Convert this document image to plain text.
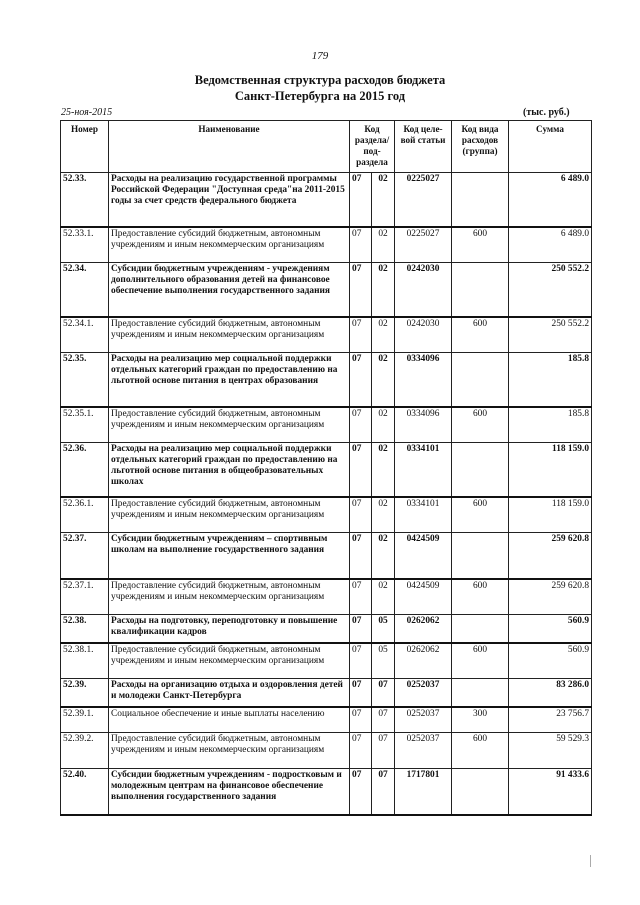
179
Ведомственная структура расходов бюджета
Санкт-Петербурга на 2015 год
25-ноя-2015	(тыс. руб.)
Номер	Наименование	Код раздела/ под- раздела		Код целе- вой статьи	Код вида расходов (группа)	Сумма
52.33.	Расходы на реализацию государственной программы Российской Федерации "Доступная среда"на 2011-2015 годы за счет средств федерального бюджета	07	02	0225027		6 489.0
52.33.1.	Предоставление субсидий бюджетным, автономным учреждениям и иным некоммерческим организациям	07	02	0225027	600	6 489.0
52.34.	Субсидии бюджетным учреждениям - учреждениям дополнительного образования детей на финансовое обеспечение выполнения государственного задания	07	02	0242030		250 552.2
52.34.1.	Предоставление субсидий бюджетным, автономным учреждениям и иным некоммерческим организациям	07	02	0242030	600	250 552.2
52.35.	Расходы на реализацию мер социальной поддержки отдельных категорий граждан по предоставлению на льготной основе питания в центрах образования	07	02	0334096		185.8
52.35.1.	Предоставление субсидий бюджетным, автономным учреждениям и иным некоммерческим организациям	07	02	0334096	600	185.8
52.36.	Расходы на реализацию мер социальной поддержки отдельных категорий граждан по предоставлению на льготной основе питания в общеобразовательных школах	07	02	0334101		118 159.0
52.36.1.	Предоставление субсидий бюджетным, автономным учреждениям и иным некоммерческим организациям	07	02	0334101	600	118 159.0
52.37.	Субсидии бюджетным учреждениям – спортивным школам на выполнение государственного задания	07	02	0424509		259 620.8
52.37.1.	Предоставление субсидий бюджетным, автономным учреждениям и иным некоммерческим организациям	07	02	0424509	600	259 620.8
52.38.	Расходы на подготовку, переподготовку и повышение квалификации кадров	07	05	0262062		560.9
52.38.1.	Предоставление субсидий бюджетным, автономным учреждениям и иным некоммерческим организациям	07	05	0262062	600	560.9
52.39.	Расходы на организацию отдыха и оздоровления детей и молодежи Санкт-Петербурга	07	07	0252037		83 286.0
52.39.1.	Социальное обеспечение и иные выплаты населению	07	07	0252037	300	23 756.7
52.39.2.	Предоставление субсидий бюджетным, автономным учреждениям и иным некоммерческим организациям	07	07	0252037	600	59 529.3
52.40.	Субсидии бюджетным учреждениям - подростковым и молодежным центрам на финансовое обеспечение выполнения государственного задания	07	07	1717801		91 433.6
